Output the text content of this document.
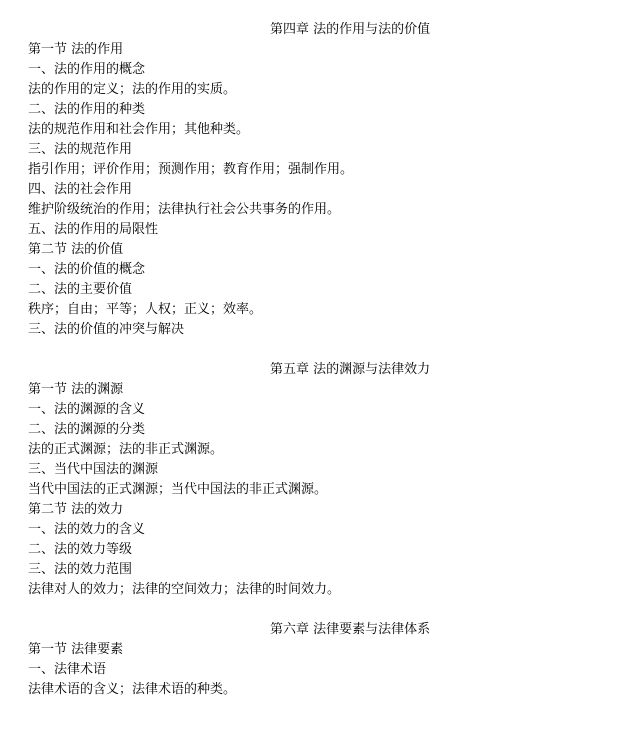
第四章 法的作用与法的价值
第一节 法的作用
一、法的作用的概念
法的作用的定义；法的作用的实质。
二、法的作用的种类
法的规范作用和社会作用；其他种类。
三、法的规范作用
指引作用；评价作用；预测作用；教育作用；强制作用。
四、法的社会作用
维护阶级统治的作用；法律执行社会公共事务的作用。
五、法的作用的局限性
第二节 法的价值
一、法的价值的概念
二、法的主要价值
秩序；自由；平等；人权；正义；效率。
三、法的价值的冲突与解决
第五章 法的渊源与法律效力
第一节 法的渊源
一、法的渊源的含义
二、法的渊源的分类
法的正式渊源；法的非正式渊源。
三、当代中国法的渊源
当代中国法的正式渊源；当代中国法的非正式渊源。
第二节 法的效力
一、法的效力的含义
二、法的效力等级
三、法的效力范围
法律对人的效力；法律的空间效力；法律的时间效力。
第六章 法律要素与法律体系
第一节 法律要素
一、法律术语
法律术语的含义；法律术语的种类。
